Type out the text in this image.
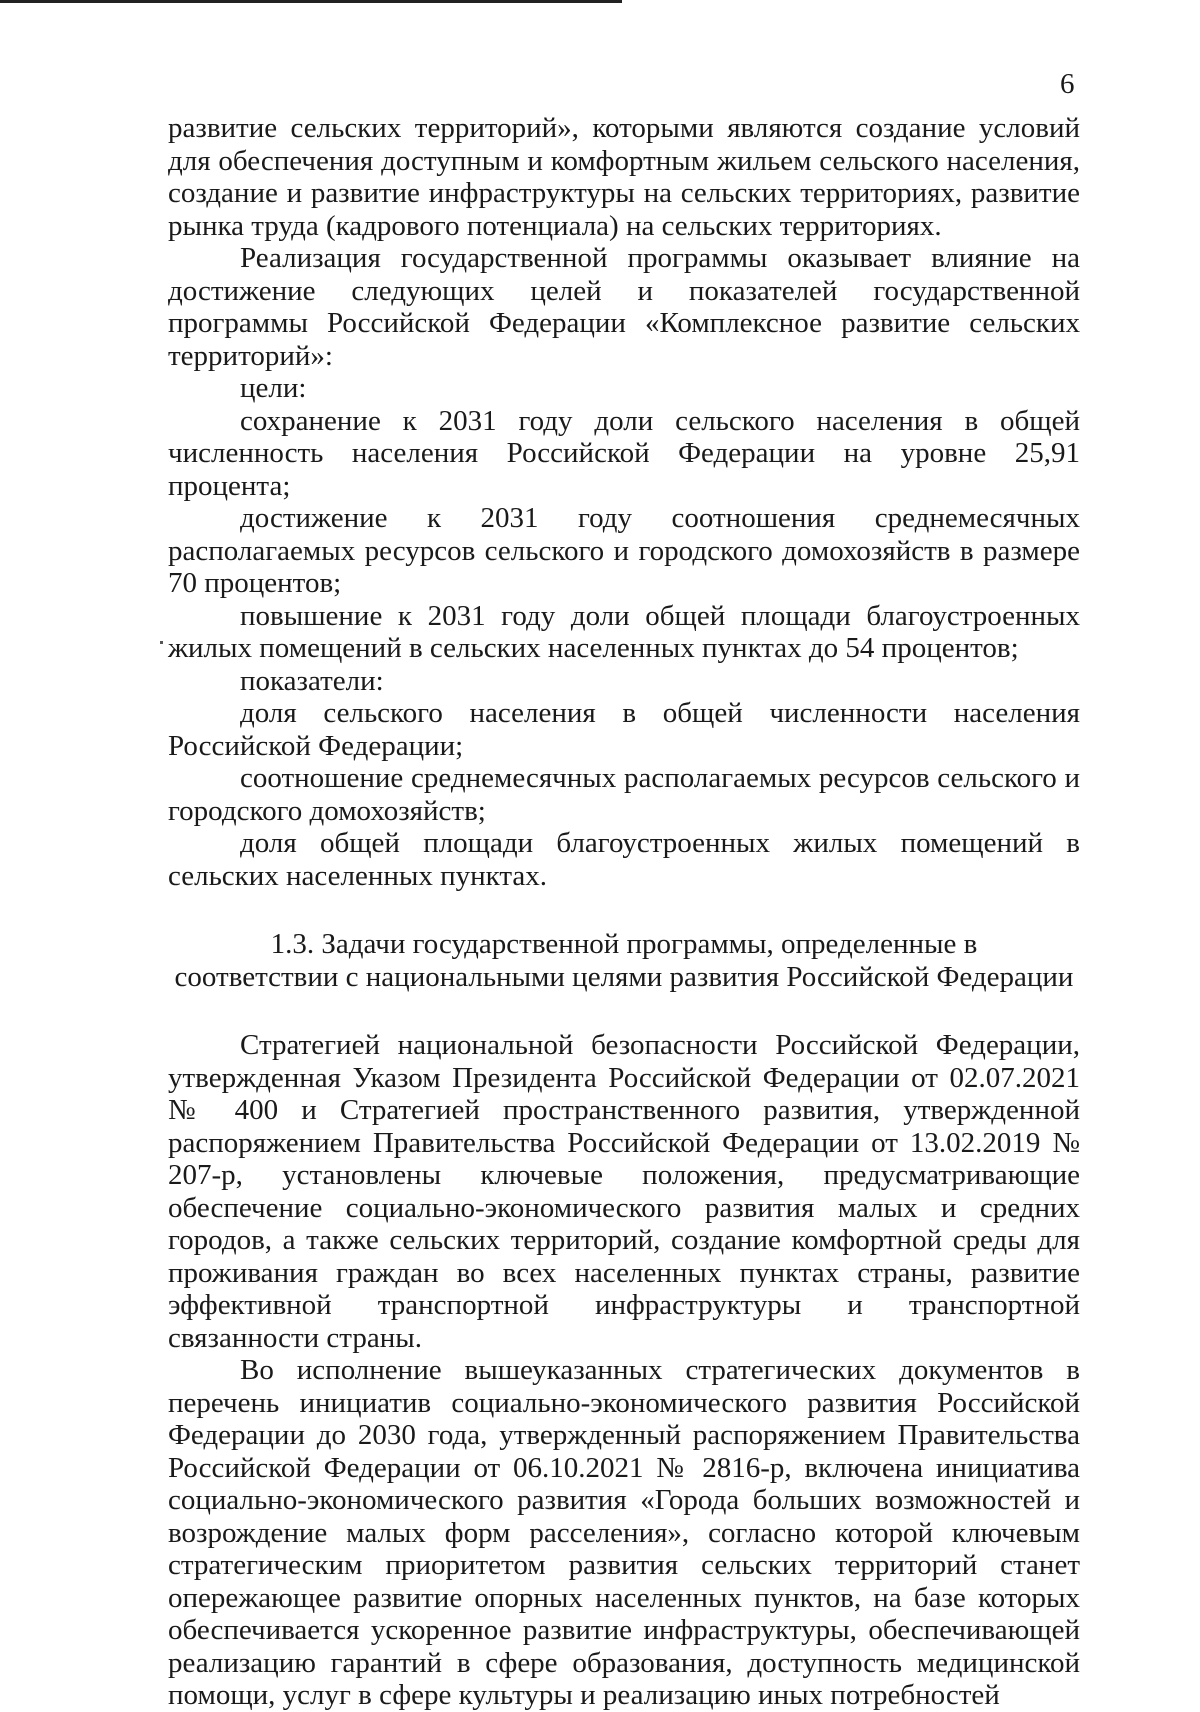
6

развитие сельских территорий», которыми являются создание условий для обеспечения доступным и комфортным жильем сельского населения, создание и развитие инфраструктуры на сельских территориях, развитие рынка труда (кадрового потенциала) на сельских территориях.

Реализация государственной программы оказывает влияние на достижение следующих целей и показателей государственной программы Российской Федерации «Комплексное развитие сельских территорий»:

цели:

сохранение к 2031 году доли сельского населения в общей численность населения Российской Федерации на уровне 25,91 процента;

достижение к 2031 году соотношения среднемесячных располагаемых ресурсов сельского и городского домохозяйств в размере 70 процентов;

повышение к 2031 году доли общей площади благоустроенных жилых помещений в сельских населенных пунктах до 54 процентов;

показатели:

доля сельского населения в общей численности населения Российской Федерации;

соотношение среднемесячных располагаемых ресурсов сельского и городского домохозяйств;

доля общей площади благоустроенных жилых помещений в сельских населенных пунктах.

1.3. Задачи государственной программы, определенные в
соответствии с национальными целями развития Российской Федерации

Стратегией национальной безопасности Российской Федерации, утвержденная Указом Президента Российской Федерации от 02.07.2021 № 400 и Стратегией пространственного развития, утвержденной распоряжением Правительства Российской Федерации от 13.02.2019 № 207-р, установлены ключевые положения, предусматривающие обеспечение социально-экономического развития малых и средних городов, а также сельских территорий, создание комфортной среды для проживания граждан во всех населенных пунктах страны, развитие эффективной транспортной инфраструктуры и транспортной связанности страны.

Во исполнение вышеуказанных стратегических документов в перечень инициатив социально-экономического развития Российской Федерации до 2030 года, утвержденный распоряжением Правительства Российской Федерации от 06.10.2021 № 2816-р, включена инициатива социально-экономического развития «Города больших возможностей и возрождение малых форм расселения», согласно которой ключевым стратегическим приоритетом развития сельских территорий станет опережающее развитие опорных населенных пунктов, на базе которых обеспечивается ускоренное развитие инфраструктуры, обеспечивающей реализацию гарантий в сфере образования, доступность медицинской помощи, услуг в сфере культуры и реализацию иных потребностей
